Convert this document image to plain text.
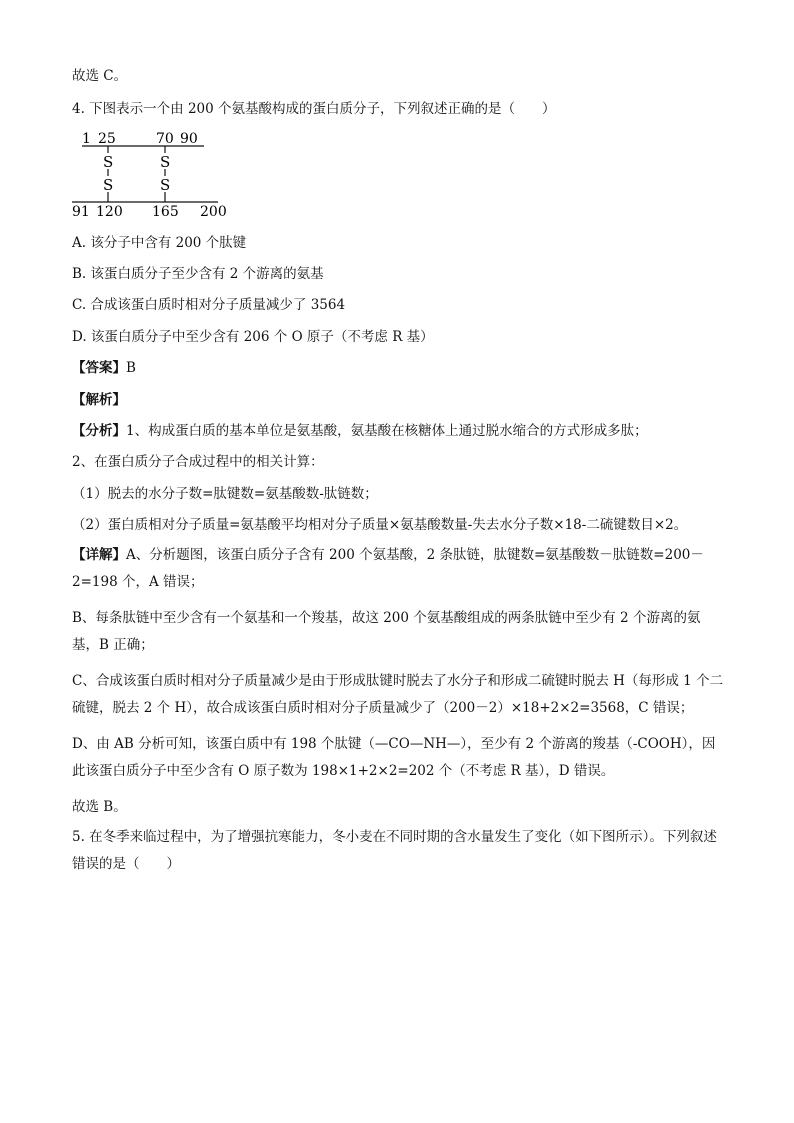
故选 C。
4. 下图表示一个由 200 个氨基酸构成的蛋白质分子，下列叙述正确的是（　　）
1 25	70 90
S
S
S
S
91 120 165 200
A. 该分子中含有 200 个肽键
B. 该蛋白质分子至少含有 2 个游离的氨基
C. 合成该蛋白质时相对分子质量减少了 3564
D. 该蛋白质分子中至少含有 206 个 O 原子（不考虑 R 基）
【答案】B
【解析】
【分析】1、构成蛋白质的基本单位是氨基酸，氨基酸在核糖体上通过脱水缩合的方式形成多肽；
2、在蛋白质分子合成过程中的相关计算：
（1）脱去的水分子数=肽键数=氨基酸数-肽链数；
（2）蛋白质相对分子质量=氨基酸平均相对分子质量×氨基酸数量-失去水分子数×18-二硫键数目×2。
【详解】A、分析题图，该蛋白质分子含有 200 个氨基酸，2 条肽链，肽键数=氨基酸数－肽链数=200－2=198 个，A 错误；
B、每条肽链中至少含有一个氨基和一个羧基，故这 200 个氨基酸组成的两条肽链中至少有 2 个游离的氨基，B 正确；
C、合成该蛋白质时相对分子质量减少是由于形成肽键时脱去了水分子和形成二硫键时脱去 H（每形成 1 个二硫键，脱去 2 个 H），故合成该蛋白质时相对分子质量减少了（200－2）×18+2×2=3568，C 错误；
D、由 AB 分析可知，该蛋白质中有 198 个肽键（—CO—NH—），至少有 2 个游离的羧基（-COOH），因此该蛋白质分子中至少含有 O 原子数为 198×1+2×2=202 个（不考虑 R 基），D 错误。
故选 B。
5. 在冬季来临过程中，为了增强抗寒能力，冬小麦在不同时期的含水量发生了变化（如下图所示）。下列叙述错误的是（　　）
